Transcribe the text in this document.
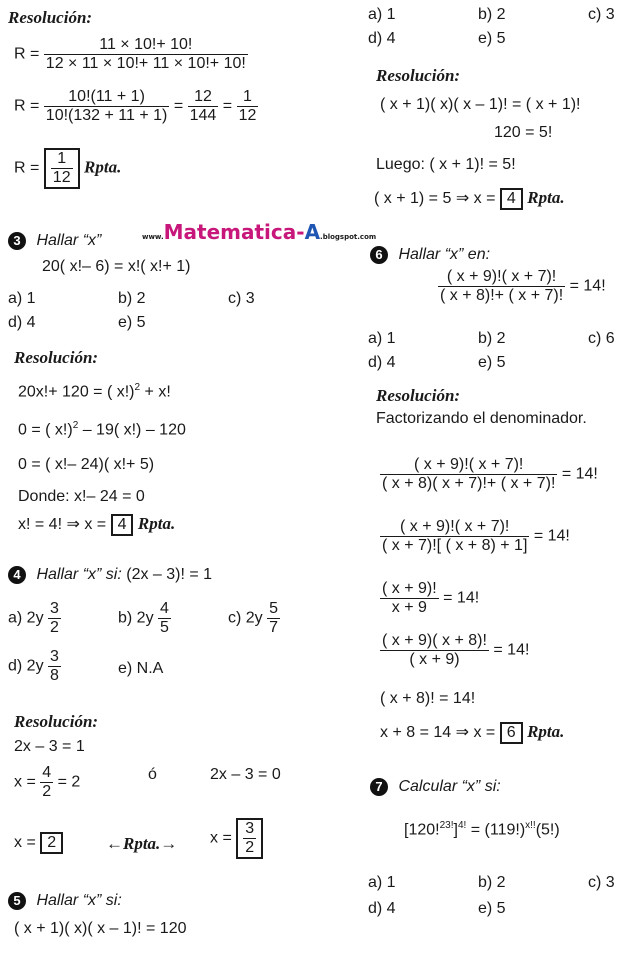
Resolución:
$R = \frac{11 \times 10!+ 10!}{12 \times 11 \times 10!+ 11 \times 10!+ 10!}$
$R = \frac{10!(11 + 1)}{10!(132 + 11 + 1)} = \frac{12}{144} = \frac{1}{12}$
$R = \frac{1}{12}$ Rpta.
3 Hallar “x”	www.Matematica-A.blogspot.com
20( x!– 6) = x!( x!+ 1)
a) 1	b) 2	c) 3
d) 4	e) 5
Resolución:
20x!+ 120 = ( x!)$^2$ + x!
0 = ( x!)$^2$ – 19( x!) – 120
0 = ( x!– 24)( x!+ 5)
Donde: x!– 24 = 0
x! = 4! ⇒ x = 4 Rpta.
4 Hallar “x” si: (2x – 3)! = 1
a) $2y \frac{3}{2}$	b) $2y \frac{4}{5}$	c) $2y \frac{5}{7}$
d) $2y \frac{3}{8}$	e) N.A
Resolución:
2x – 3 = 1
$x = \frac{4}{2} = 2$	ó	2x – 3 = 0
x = 2	←Rpta.→ $x = \frac{3}{2}$
5 Hallar “x” si:
( x + 1)( x)( x – 1)! = 120
a) 1	b) 2	c) 3
d) 4	e) 5
Resolución:
( x + 1)( x)( x – 1)! = ( x + 1)!
120 = 5!
Luego: ( x + 1)! = 5!
( x + 1) = 5 ⇒ x = 4 Rpta.
6 Hallar “x” en:
$\frac{( x + 9)!( x + 7)!}{( x + 8)!+ ( x + 7)!} = 14$!
a) 1	b) 2	c) 6
d) 4	e) 5
Resolución:
Factorizando el denominador.
$\frac{( x + 9)!( x + 7)!}{( x + 8)( x + 7)!+ ( x + 7)!} = 14$!
$\frac{( x + 9)!( x + 7)!}{( x + 7)![ ( x + 8) + 1]} = 14$!
$\frac{( x + 9)!}{x + 9} = 14$!
$\frac{( x + 9)( x + 8)!}{( x + 9)} = 14$!
( x + 8)! = 14!
x + 8 = 14 ⇒ x = 6 Rpta.
7 Calcular “x” si:
$[120!^{23!}]^{4!} = (119!)^{x!!}(5!)$
a) 1	b) 2	c) 3
d) 4	e) 5
